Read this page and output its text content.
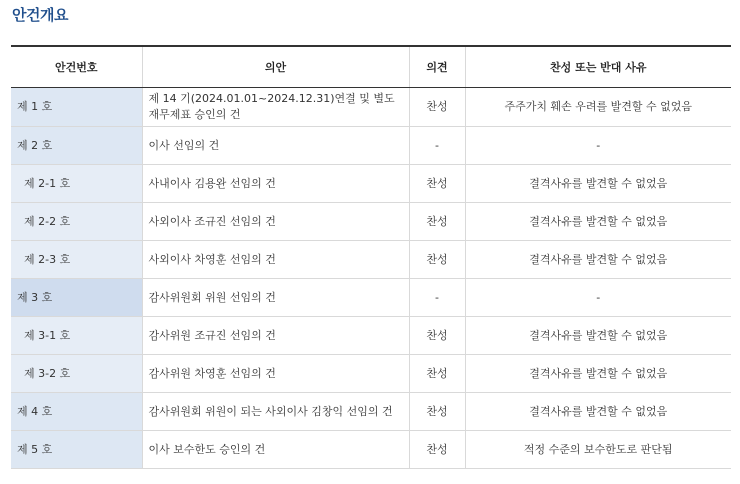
안건개요
안건번호	의안	의견	찬성 또는 반대 사유
제 1 호	제 14 기(2024.01.01~2024.12.31)연결 및 별도재무제표 승인의 건	찬성	주주가치 훼손 우려를 발견할 수 없었음
제 2 호	이사 선임의 건	-	-
제 2-1 호	사내이사 김용완 선임의 건	찬성	결격사유를 발견할 수 없었음
제 2-2 호	사외이사 조규진 선임의 건	찬성	결격사유를 발견할 수 없었음
제 2-3 호	사외이사 차영훈 선임의 건	찬성	결격사유를 발견할 수 없었음
제 3 호	감사위원회 위원 선임의 건	-	-
제 3-1 호	감사위원 조규진 선임의 건	찬성	결격사유를 발견할 수 없었음
제 3-2 호	감사위원 차영훈 선임의 건	찬성	결격사유를 발견할 수 없었음
제 4 호	감사위원회 위원이 되는 사외이사 김창익 선임의 건	찬성	결격사유를 발견할 수 없었음
제 5 호	이사 보수한도 승인의 건	찬성	적정 수준의 보수한도로 판단됨
